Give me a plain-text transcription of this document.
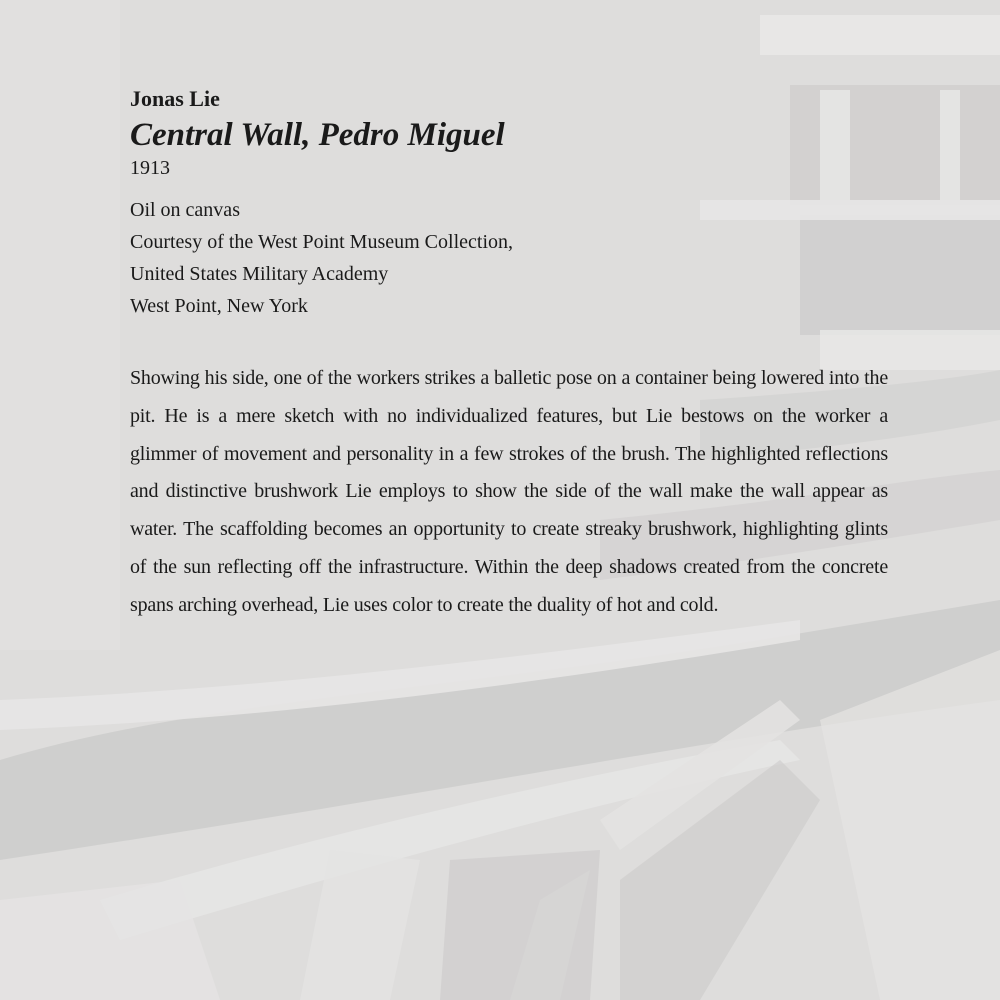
Jonas Lie
Central Wall, Pedro Miguel
1913
Oil on canvas
Courtesy of the West Point Museum Collection,
United States Military Academy
West Point, New York
Showing his side, one of the workers strikes a balletic pose on a container being lowered into the pit. He is a mere sketch with no individualized features, but Lie bestows on the worker a glimmer of movement and personality in a few strokes of the brush. The highlighted reflections and distinctive brushwork Lie employs to show the side of the wall make the wall appear as water. The scaffolding becomes an opportunity to create streaky brushwork, highlighting glints of the sun reflecting off the infrastructure. Within the deep shadows created from the concrete spans arching overhead, Lie uses color to create the duality of hot and cold.
